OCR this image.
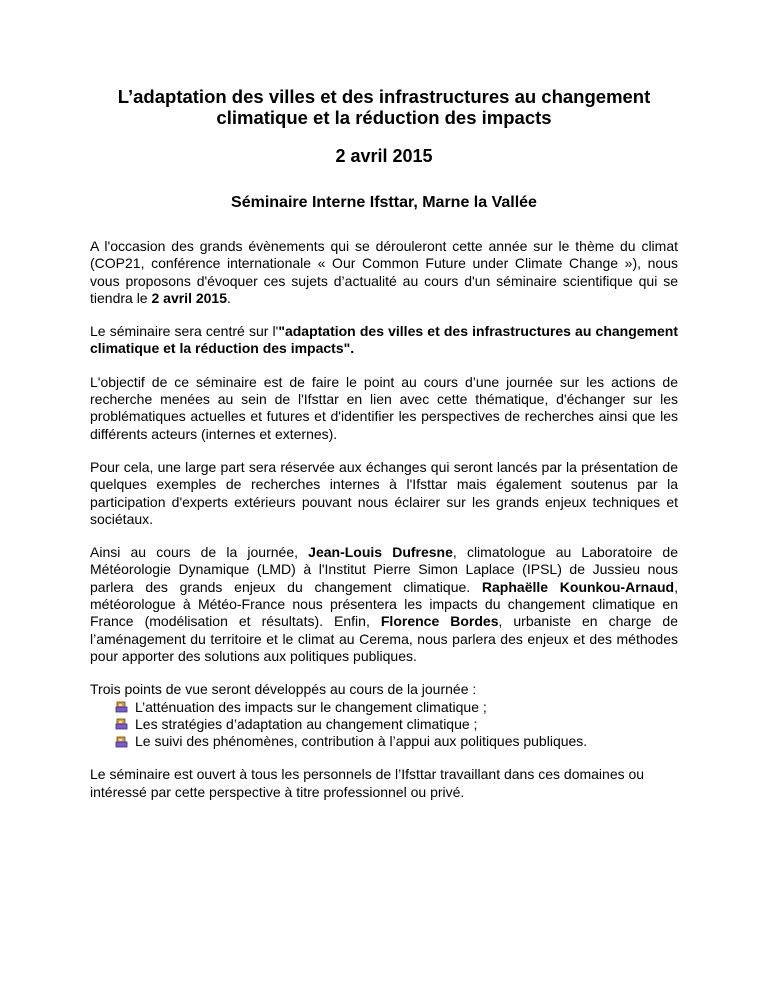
L’adaptation des villes et des infrastructures au changement climatique et la réduction des impacts
2 avril 2015
Séminaire Interne Ifsttar, Marne la Vallée

A l'occasion des grands évènements qui se dérouleront cette année sur le thème du climat (COP21, conférence internationale « Our Common Future under Climate Change »), nous vous proposons d'évoquer ces sujets d’actualité au cours d'un séminaire scientifique qui se tiendra le 2 avril 2015.

Le séminaire sera centré sur l'"adaptation des villes et des infrastructures au changement climatique et la réduction des impacts".

L'objectif de ce séminaire est de faire le point au cours d’une journée sur les actions de recherche menées au sein de l'Ifsttar en lien avec cette thématique, d'échanger sur les problématiques actuelles et futures et d'identifier les perspectives de recherches ainsi que les différents acteurs (internes et externes).

Pour cela, une large part sera réservée aux échanges qui seront lancés par la présentation de quelques exemples de recherches internes à l'Ifsttar mais également soutenus par la participation d'experts extérieurs pouvant nous éclairer sur les grands enjeux techniques et sociétaux.

Ainsi au cours de la journée, Jean-Louis Dufresne, climatologue au Laboratoire de Météorologie Dynamique (LMD) à l'Institut Pierre Simon Laplace (IPSL) de Jussieu nous parlera des grands enjeux du changement climatique. Raphaëlle Kounkou-Arnaud, météorologue à Météo-France nous présentera les impacts du changement climatique en France (modélisation et résultats). Enfin, Florence Bordes, urbaniste en charge de l’aménagement du territoire et le climat au Cerema, nous parlera des enjeux et des méthodes pour apporter des solutions aux politiques publiques.

Trois points de vue seront développés au cours de la journée :
L’atténuation des impacts sur le changement climatique ;
Les stratégies d’adaptation au changement climatique ;
Le suivi des phénomènes, contribution à l’appui aux politiques publiques.

Le séminaire est ouvert à tous les personnels de l’Ifsttar travaillant dans ces domaines ou intéressé par cette perspective à titre professionnel ou privé.
